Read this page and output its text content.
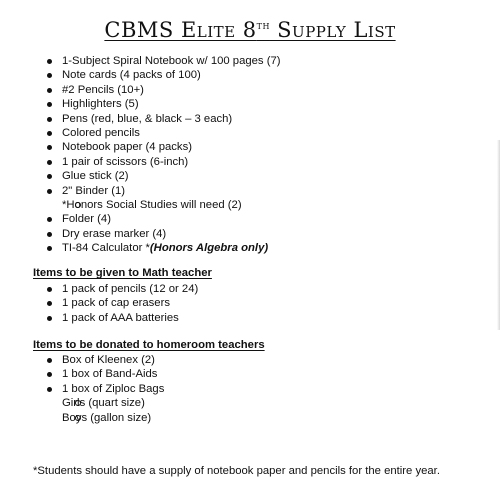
CBMS Elite 8th Supply List
1-Subject Spiral Notebook w/ 100 pages (7)
Note cards (4 packs of 100)
#2 Pencils (10+)
Highlighters (5)
Pens (red, blue, & black – 3 each)
Colored pencils
Notebook paper (4 packs)
1 pair of scissors (6-inch)
Glue stick (2)
2" Binder (1)
*Honors Social Studies will need (2)
Folder (4)
Dry erase marker (4)
TI-84 Calculator *(Honors Algebra only)

Items to be given to Math teacher

1 pack of pencils (12 or 24)
1 pack of cap erasers
1 pack of AAA batteries

Items to be donated to homeroom teachers

Box of Kleenex (2)
1 box of Band-Aids
1 box of Ziploc Bags
Girls (quart size)
Boys (gallon size)
*Students should have a supply of notebook paper and pencils for the entire year.
